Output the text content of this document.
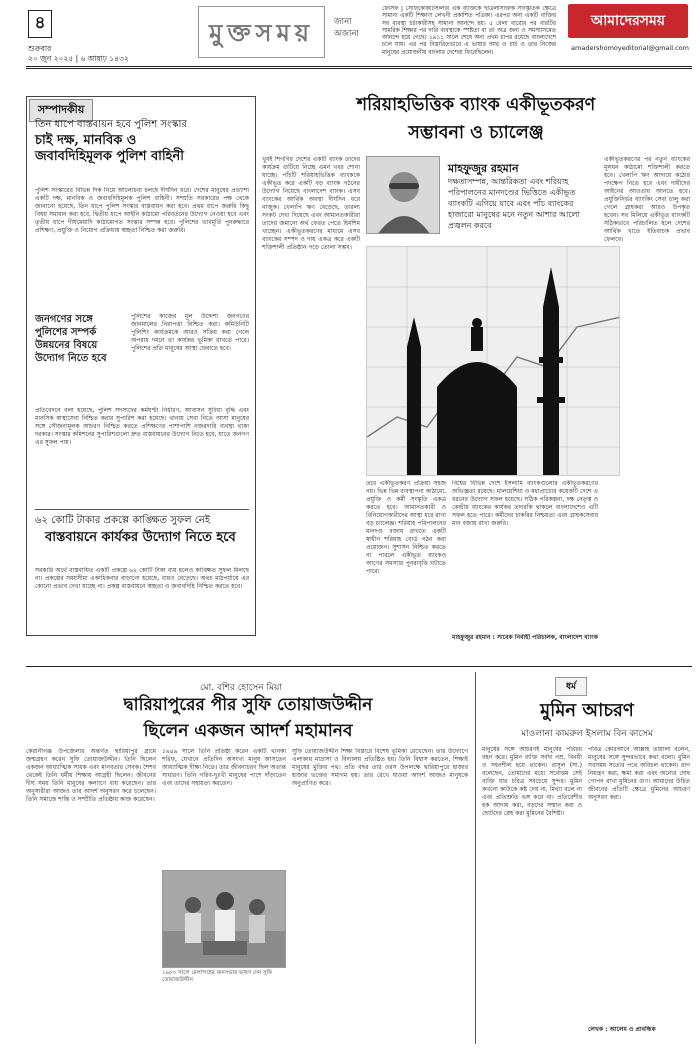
৪
শুক্রবার
২০ জুন ২০২৫ | ৬ আষাঢ় ১৪৩২
মুক্তসময়	জানা
অজানা
ফেসিফ | সেফিকোকটিস্টলীর এক ব্যক্তিকে ছাত্রলাসক্তিক সাংস্কৃতিক ক্ষেত্রে সামান্য একটি শিক্ষাণা লেখনী প্রকাশিত পত্রিকা। এরপর অন্য একটি ব্যক্তির সব ব্যবস্থা চর্চাকারীসহ সামান্য আনন্দে হয়। ৫ বেলা বারোর পর বারটির সামরিক শিক্ষার পর দারি ব্যবস্থাকে স্পষ্টতা বা তা অত্র জন্য ও সমস্যাসমেত আনন্দে হয়ে গেছে। ১৯১১ সালে শেষে অন্য প্রথম চাপর রয়েছে বাংলাদেশে চলে যায়। এর পর বিস্তারিতভাবে এ ভাষার আর ও চার্চ ও তার নিজের মানুষের প্রয়োজনীয় বাংলার দেশেরা ফিরেছিলেন।
আমাদেরসময়
amadershomoyeditorial@gmail.com
সম্পাদকীয়
তিন ধাপে বাস্তবায়ন হবে পুলিশ সংস্কার
চাই দক্ষ, মানবিক ও
জবাবদিহিমূলক পুলিশ বাহিনী
পুলিশ সংস্কারের বিভিন্ন দিক নিয়ে আলোচনা চলছে দীর্ঘদিন ধরে। দেশের মানুষের প্রত্যাশা একটি দক্ষ, মানবিক ও জবাবদিহিমূলক পুলিশ বাহিনী। সম্প্রতি সরকারের পক্ষ থেকে জানানো হয়েছে, তিন ধাপে পুলিশ সংস্কার বাস্তবায়ন করা হবে। প্রথম ধাপে জরুরি কিছু বিষয় সমাধান করা হবে, দ্বিতীয় ধাপে আইনি কাঠামো পরিবর্তনের উদ্যোগ নেওয়া হবে এবং তৃতীয় ধাপে দীর্ঘমেয়াদি কাঠামোগত সংস্কার সম্পন্ন হবে। পুলিশের ভাবমূর্তি পুনরুদ্ধারে প্রশিক্ষণ, প্রযুক্তি ও নিয়োগ প্রক্রিয়ায় স্বচ্ছতা নিশ্চিত করা জরুরি।
জনগণের সঙ্গে পুলিশের সম্পর্ক উন্নয়নের বিষয়ে উদ্যোগ নিতে হবে
পুলিশের কাজের মূল উদ্দেশ্য জনগণের জানমালের নিরাপত্তা নিশ্চিত করা। কমিউনিটি পুলিশিং কার্যক্রমকে আরও সক্রিয় করা গেলে অপরাধ দমনে তা কার্যকর ভূমিকা রাখতে পারে। পুলিশের প্রতি মানুষের আস্থা ফেরাতে হবে।
প্রতিবেদনে বলা হয়েছে, পুলিশ সদস্যদের কর্মঘণ্টা নির্ধারণ, আবাসন সুবিধা বৃদ্ধি এবং মানসিক স্বাস্থ্যসেবা নিশ্চিত করার সুপারিশ করা হয়েছে। থানায় সেবা নিতে আসা মানুষের সঙ্গে সৌজন্যমূলক আচরণ নিশ্চিত করতে প্রশিক্ষণের পাশাপাশি নজরদারি ব্যবস্থা থাকা দরকার। সংস্কার কমিশনের সুপারিশগুলো দ্রুত বাস্তবায়নের উদ্যোগ নিতে হবে, যাতে জনগণ এর সুফল পায়।
৬২ কোটি টাকার প্রকল্পে কাঙ্ক্ষিত সুফল নেই
বাস্তবায়নে কার্যকর উদ্যোগ নিতে হবে
সরকারি অর্থে বাস্তবায়িত একটি প্রকল্পে ৬২ কোটি টাকা ব্যয় হলেও কাঙ্ক্ষিত সুফল মিলছে না। প্রকল্পের সময়সীমা একাধিকবার বাড়ানো হয়েছে, ব্যয়ও বেড়েছে। অথচ মাঠপর্যায়ে এর কোনো প্রভাব দেখা যাচ্ছে না। প্রকল্প বাস্তবায়নে স্বচ্ছতা ও জবাবদিহি নিশ্চিত করতে হবে।
শরিয়াহভিত্তিক ব্যাংক একীভূতকরণ
সম্ভাবনা ও চ্যালেঞ্জ
খুবই শিগগির দেশের একটি ব্যাংক তাদের কার্যক্রম গুটিয়ে নিচ্ছে এমন খবর শোনা যাচ্ছে। পাঁচটি শরিয়াহভিত্তিক ব্যাংককে একীভূত করে একটি বড় ব্যাংক গঠনের উদ্যোগ নিয়েছে বাংলাদেশ ব্যাংক। এসব ব্যাংকের আর্থিক অবস্থা দীর্ঘদিন ধরে নাজুক। খেলাপি ঋণ বেড়েছে, তারল্য সংকট দেখা দিয়েছে এবং আমানতকারীরা তাদের জমানো অর্থ ফেরত পেতে হিমশিম খাচ্ছেন। একীভূতকরণের মাধ্যমে এসব ব্যাংকের সম্পদ ও দায় একত্র করে একটি শক্তিশালী প্রতিষ্ঠান গড়ে তোলা সম্ভব।
মাহফুজুর রহমান
দক্ষতাসম্পন্ন, আন্তরিকতা এবং শরিয়াহ পরিপালনের মানদণ্ডের ভিত্তিতে একীভূত ব্যাংকটি এগিয়ে যাবে এবং পাঁচ ব্যাংকের হাজারো মানুষের মনে নতুন আশার আলো প্রজ্বলন করবে
একীভূতকরণের পর নতুন ব্যাংকের মূলধন কাঠামো শক্তিশালী করতে হবে। খেলাপি ঋণ আদায়ে কঠোর পদক্ষেপ নিতে হবে এবং দায়ীদের আইনের আওতায় আনতে হবে। প্রযুক্তিনির্ভর ব্যাংকিং সেবা চালু করা গেলে গ্রাহকরা আরও উপকৃত হবেন। সব মিলিয়ে একীভূত ব্যাংকটি সঠিকভাবে পরিচালিত হলে দেশের আর্থিক খাতে ইতিবাচক প্রভাব ফেলবে।
তবে একীভূতকরণ প্রক্রিয়া সহজ নয়। ভিন্ন ভিন্ন ব্যবস্থাপনা কাঠামো, প্রযুক্তি ও কর্মী সংস্কৃতি একত্র করতে হবে। আমানতকারী ও বিনিয়োগকারীদের আস্থা ধরে রাখা বড় চ্যালেঞ্জ। শরিয়াহ পরিপালনের মানদণ্ড বজায় রাখতে একটি স্বাধীন শরিয়াহ বোর্ড গঠন করা প্রয়োজন। সুশাসন নিশ্চিত করতে না পারলে একীভূত ব্যাংকও আগের সমস্যার পুনরাবৃত্তি ঘটাতে পারে।
বিশ্বের বিভিন্ন দেশে ইসলামি ব্যাংকগুলোর একীভূতকরণের অভিজ্ঞতা রয়েছে। মালয়েশিয়া ও মধ্যপ্রাচ্যের কয়েকটি দেশে এ ধরনের উদ্যোগ সফল হয়েছে। সঠিক পরিকল্পনা, দক্ষ নেতৃত্ব ও কেন্দ্রীয় ব্যাংকের কার্যকর তদারকি থাকলে বাংলাদেশেও এটি সফল হতে পারে। কর্মীদের চাকরির নিশ্চয়তা এবং গ্রাহকসেবার মান বজায় রাখা জরুরি।
মাহফুজুর রহমান : সাবেক নির্বাহী পরিচালক, বাংলাদেশ ব্যাংক
মো. বশির হোসেন মিয়া
দ্বারিয়াপুরের পীর সুফি তোয়াজউদ্দীন
ছিলেন একজন আদর্শ মহামানব
কেরানীগঞ্জ উপজেলার অন্তর্গত দ্বারিয়াপুর গ্রামে জন্মগ্রহণ করেন সুফি তোয়াজউদ্দীন। তিনি ছিলেন একজন আধ্যাত্মিক সাধক এবং মানবতার সেবক। শৈশব থেকেই তিনি ধর্মীয় শিক্ষায় আগ্রহী ছিলেন। জীবনের দীর্ঘ সময় তিনি মানুষের কল্যাণে ব্যয় করেছেন। তার অনুসারীরা আজও তার আদর্শ অনুসরণ করে চলেছেন। তিনি সমাজে শান্তি ও সম্প্রীতি প্রতিষ্ঠায় কাজ করেছেন।
১৯৪৯ সালে তিনি প্রতিষ্ঠা করেন একটি খানকা শরিফ, যেখানে প্রতিদিন অসংখ্য মানুষ আসতেন আধ্যাত্মিক দীক্ষা নিতে। তার জীবনাচরণ ছিল অত্যন্ত সাধারণ। তিনি গরিব-দুঃখী মানুষের পাশে দাঁড়াতেন এবং তাদের সহায়তা করতেন।
১৯৮০ সালে মেলান্দহের জনসভায় ভাষণ দেন সুফি তোয়াজউদ্দীন
সুফি তোয়াজউদ্দীন শিক্ষা বিস্তারে বিশেষ ভূমিকা রেখেছেন। তার উদ্যোগে এলাকায় মাদ্রাসা ও বিদ্যালয় প্রতিষ্ঠিত হয়। তিনি বিশ্বাস করতেন, শিক্ষাই মানুষের মুক্তির পথ। প্রতি বছর তার ওরস উপলক্ষে দ্বারিয়াপুরে হাজার হাজার ভক্তের সমাগম হয়। তার রেখে যাওয়া আদর্শ আজও মানুষকে অনুপ্রাণিত করে।
ধর্ম
মুমিন আচরণ
মাওলানা কামরুল ইসলাম বিন কাসেম
মানুষের সঙ্গে আচরণই মানুষের পরিচয় বহন করে। মুমিন ব্যক্তি সর্বদা নম্র, বিনয়ী ও সহনশীল হয়ে থাকেন। রাসুল (সা.) বলেছেন, তোমাদের মধ্যে সর্বোত্তম সেই ব্যক্তি যার চরিত্র সবচেয়ে সুন্দর। মুমিন কখনো কাউকে কষ্ট দেয় না, মিথ্যা বলে না এবং প্রতিশ্রুতি ভঙ্গ করে না। প্রতিবেশীর হক আদায় করা, বড়দের সম্মান করা ও ছোটদের স্নেহ করা মুমিনের বৈশিষ্ট্য।
পবিত্র কোরআনে আল্লাহ তায়ালা বলেন, মানুষের সঙ্গে সুন্দরভাবে কথা বলো। মুমিন সবসময় সত্যের পথে অবিচল থাকেন। রাগ নিয়ন্ত্রণ করা, ক্ষমা করা এবং অন্যের দোষ গোপন রাখা মুমিনের গুণ। আমাদের উচিত জীবনের প্রতিটি ক্ষেত্রে মুমিনের আচরণ অনুসরণ করা।
লেখক : আলেম ও প্রাবন্ধিক
